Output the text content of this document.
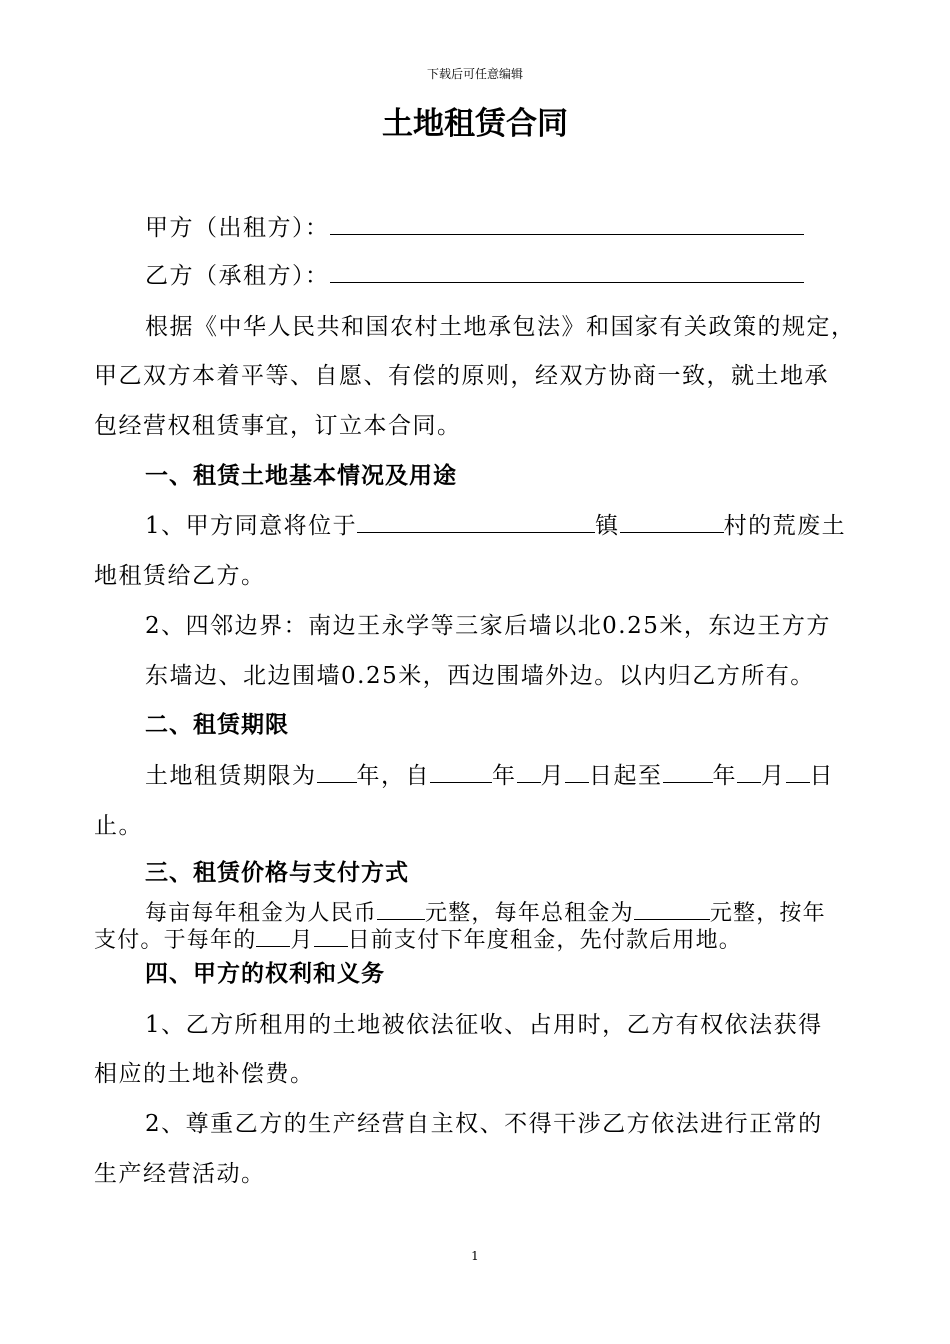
下载后可任意编辑
土地租赁合同
甲方（出租方）：
乙方（承租方）：
根据《中华人民共和国农村土地承包法》和国家有关政策的规定，
甲乙双方本着平等、自愿、有偿的原则，经双方协商一致，就土地承
包经营权租赁事宜，订立本合同。
一、租赁土地基本情况及用途
1、甲方同意将位于	镇	村的荒废土
地租赁给乙方。
2、四邻边界：南边王永学等三家后墙以北0.25米，东边王方方
东墙边、北边围墙0.25米，西边围墙外边。以内归乙方所有。
二、租赁期限
土地租赁期限为 年，自	年 月 日起至 年 月 日
止。
三、租赁价格与支付方式
每亩每年租金为人民币 元整，每年总租金为	元整，按年
支付。于每年的 月 日前支付下年度租金，先付款后用地。
四、甲方的权利和义务
1、乙方所租用的土地被依法征收、占用时，乙方有权依法获得
相应的土地补偿费。
2、尊重乙方的生产经营自主权、不得干涉乙方依法进行正常的
生产经营活动。
1
